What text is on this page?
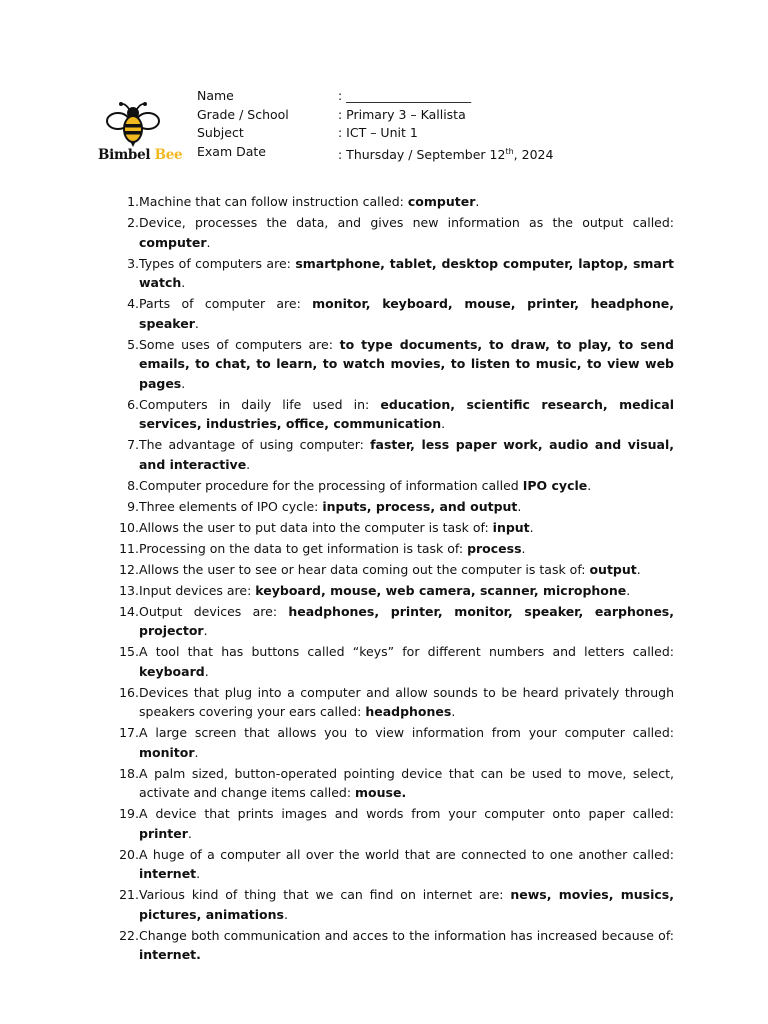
Bimbel Bee
Name	: ____________________
Grade / School	: Primary 3 – Kallista
Subject	: ICT – Unit 1
Exam Date	: Thursday / September 12th, 2024
1. Machine that can follow instruction called: computer.
2. Device, processes the data, and gives new information as the output called: computer.
3. Types of computers are: smartphone, tablet, desktop computer, laptop, smart watch.
4. Parts of computer are: monitor, keyboard, mouse, printer, headphone, speaker.
5. Some uses of computers are: to type documents, to draw, to play, to send emails, to chat, to learn, to watch movies, to listen to music, to view web pages.
6. Computers in daily life used in: education, scientific research, medical services, industries, office, communication.
7. The advantage of using computer: faster, less paper work, audio and visual, and interactive.
8. Computer procedure for the processing of information called IPO cycle.
9. Three elements of IPO cycle: inputs, process, and output.
10. Allows the user to put data into the computer is task of: input.
11. Processing on the data to get information is task of: process.
12. Allows the user to see or hear data coming out the computer is task of: output.
13. Input devices are: keyboard, mouse, web camera, scanner, microphone.
14. Output devices are: headphones, printer, monitor, speaker, earphones, projector.
15. A tool that has buttons called “keys” for different numbers and letters called: keyboard.
16. Devices that plug into a computer and allow sounds to be heard privately through speakers covering your ears called: headphones.
17. A large screen that allows you to view information from your computer called: monitor.
18. A palm sized, button-operated pointing device that can be used to move, select, activate and change items called: mouse.
19. A device that prints images and words from your computer onto paper called: printer.
20. A huge of a computer all over the world that are connected to one another called: internet.
21. Various kind of thing that we can find on internet are: news, movies, musics, pictures, animations.
22. Change both communication and acces to the information has increased because of: internet.
